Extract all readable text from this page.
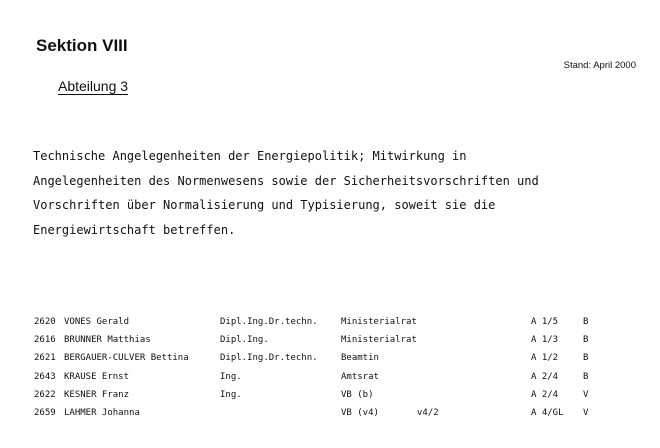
Sektion VIII
Stand: April 2000
Abteilung 3

Technische Angelegenheiten der Energiepolitik; Mitwirkung in

Angelegenheiten des Normenwesens sowie der Sicherheitsvorschriften und

Vorschriften über Normalisierung und Typisierung, soweit sie die

Energiewirtschaft betreffen.

2620	VONES Gerald	Dipl.Ing.Dr.techn.	Ministerialrat		A 1/5	B
2616	BRUNNER Matthias	Dipl.Ing.	Ministerialrat		A 1/3	B
2621	BERGAUER-CULVER Bettina	Dipl.Ing.Dr.techn.	Beamtin		A 1/2	B
2643	KRAUSE Ernst	Ing.	Amtsrat		A 2/4	B
2622	KESNER Franz	Ing.	VB (b)		A 2/4	V
2659	LAHMER Johanna		VB (v4)	v4/2	A 4/GL	V
